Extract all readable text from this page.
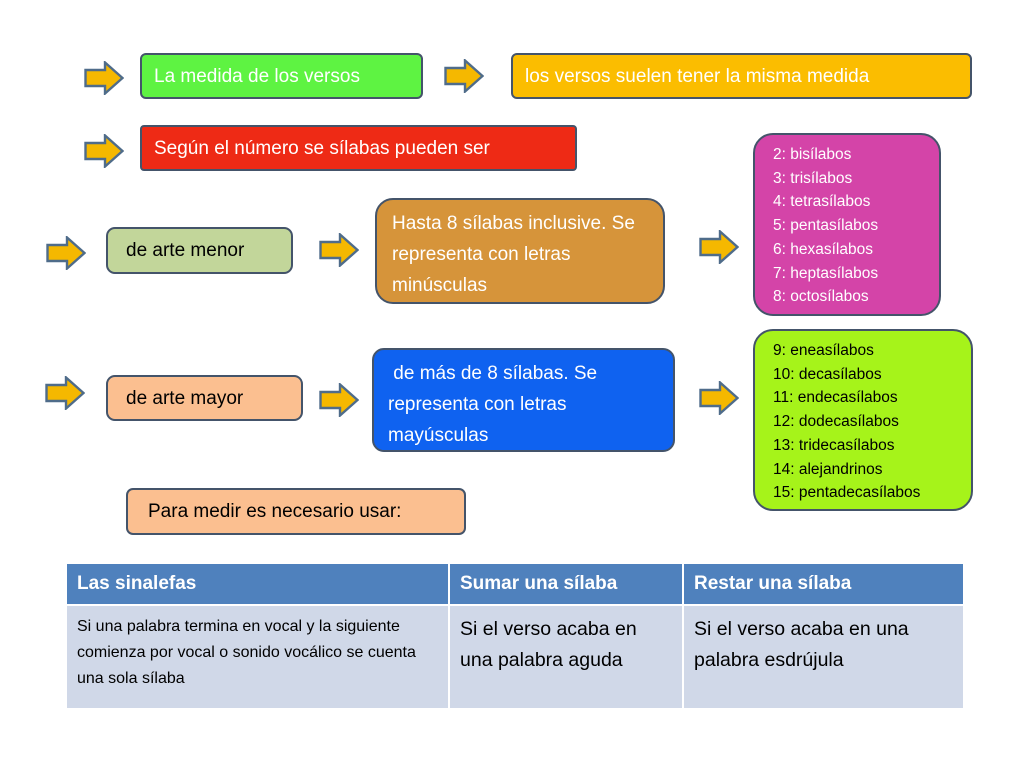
La medida de los versos	los versos suelen tener la misma medida
Según el número se sílabas pueden ser
de arte menor
Hasta 8 sílabas inclusive. Se representa con letras minúsculas
2: bisílabos
3: trisílabos
4: tetrasílabos
5: pentasílabos
6: hexasílabos
7: heptasílabos
8: octosílabos
de arte mayor
de más de 8 sílabas. Se representa con letras mayúsculas
9: eneasílabos
10: decasílabos
11: endecasílabos
12: dodecasílabos
13: tridecasílabos
14: alejandrinos
15: pentadecasílabos
Para medir es necesario usar:
Las sinalefas	Sumar una sílaba	Restar una sílaba
Si una palabra termina en vocal y la siguiente comienza por vocal o sonido vocálico se cuenta una sola sílaba	Si el verso acaba en una palabra aguda	Si el verso acaba en una palabra esdrújula
